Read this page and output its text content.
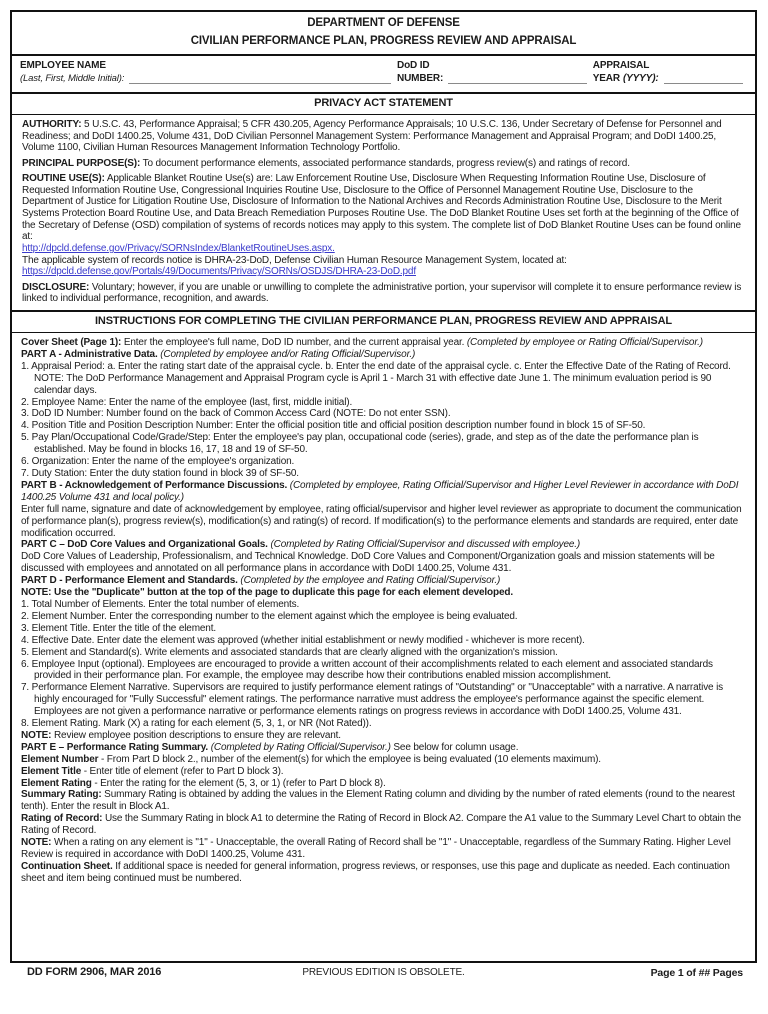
DEPARTMENT OF DEFENSE
CIVILIAN PERFORMANCE PLAN, PROGRESS REVIEW AND APPRAISAL
EMPLOYEE NAME
(Last, First, Middle Initial):
DoD ID
NUMBER:
APPRAISAL
YEAR (YYYY):
PRIVACY ACT STATEMENT

AUTHORITY: 5 U.S.C. 43, Performance Appraisal; 5 CFR 430.205, Agency Performance Appraisals; 10 U.S.C. 136, Under Secretary of Defense for Personnel and Readiness; and DoDI 1400.25, Volume 431, DoD Civilian Personnel Management System: Performance Management and Appraisal Program; and DoDI 1400.25, Volume 1100, Civilian Human Resources Management Information Technology Portfolio.

PRINCIPAL PURPOSE(S): To document performance elements, associated performance standards, progress review(s) and ratings of record.

ROUTINE USE(S): Applicable Blanket Routine Use(s) are: Law Enforcement Routine Use, Disclosure When Requesting Information Routine Use, Disclosure of Requested Information Routine Use, Congressional Inquiries Routine Use, Disclosure to the Office of Personnel Management Routine Use, Disclosure to the Department of Justice for Litigation Routine Use, Disclosure of Information to the National Archives and Records Administration Routine Use, Disclosure to the Merit Systems Protection Board Routine Use, and Data Breach Remediation Purposes Routine Use. The DoD Blanket Routine Uses set forth at the beginning of the Office of the Secretary of Defense (OSD) compilation of systems of records notices may apply to this system. The complete list of DoD Blanket Routine Uses can be found online at:
http://dpcld.defense.gov/Privacy/SORNsIndex/BlanketRoutineUses.aspx.
The applicable system of records notice is DHRA-23-DoD, Defense Civilian Human Resource Management System, located at:
https://dpcld.defense.gov/Portals/49/Documents/Privacy/SORNs/OSDJS/DHRA-23-DoD.pdf

DISCLOSURE: Voluntary; however, if you are unable or unwilling to complete the administrative portion, your supervisor will complete it to ensure performance review is linked to individual performance, recognition, and awards.

INSTRUCTIONS FOR COMPLETING THE CIVILIAN PERFORMANCE PLAN, PROGRESS REVIEW AND APPRAISAL

Cover Sheet (Page 1): Enter the employee's full name, DoD ID number, and the current appraisal year. (Completed by employee or Rating Official/Supervisor.)

PART A - Administrative Data. (Completed by employee and/or Rating Official/Supervisor.)

1. Appraisal Period: a. Enter the rating start date of the appraisal cycle. b. Enter the end date of the appraisal cycle. c. Enter the Effective Date of the Rating of Record. NOTE: The DoD Performance Management and Appraisal Program cycle is April 1 - March 31 with effective date June 1. The minimum evaluation period is 90 calendar days.

2. Employee Name: Enter the name of the employee (last, first, middle initial).

3. DoD ID Number: Number found on the back of Common Access Card (NOTE: Do not enter SSN).

4. Position Title and Position Description Number: Enter the official position title and official position description number found in block 15 of SF-50.

5. Pay Plan/Occupational Code/Grade/Step: Enter the employee's pay plan, occupational code (series), grade, and step as of the date the performance plan is established. May be found in blocks 16, 17, 18 and 19 of SF-50.

6. Organization: Enter the name of the employee's organization.

7. Duty Station: Enter the duty station found in block 39 of SF-50.

PART B - Acknowledgement of Performance Discussions. (Completed by employee, Rating Official/Supervisor and Higher Level Reviewer in accordance with DoDI 1400.25 Volume 431 and local policy.)

Enter full name, signature and date of acknowledgement by employee, rating official/supervisor and higher level reviewer as appropriate to document the communication of performance plan(s), progress review(s), modification(s) and rating(s) of record. If modification(s) to the performance elements and standards are required, enter date modification occurred.

PART C – DoD Core Values and Organizational Goals. (Completed by Rating Official/Supervisor and discussed with employee.)

DoD Core Values of Leadership, Professionalism, and Technical Knowledge. DoD Core Values and Component/Organization goals and mission statements will be discussed with employees and annotated on all performance plans in accordance with DoDI 1400.25, Volume 431.

PART D - Performance Element and Standards. (Completed by the employee and Rating Official/Supervisor.)

NOTE: Use the "Duplicate" button at the top of the page to duplicate this page for each element developed.

1. Total Number of Elements. Enter the total number of elements.

2. Element Number. Enter the corresponding number to the element against which the employee is being evaluated.

3. Element Title. Enter the title of the element.

4. Effective Date. Enter date the element was approved (whether initial establishment or newly modified - whichever is more recent).

5. Element and Standard(s). Write elements and associated standards that are clearly aligned with the organization's mission.

6. Employee Input (optional). Employees are encouraged to provide a written account of their accomplishments related to each element and associated standards provided in their performance plan. For example, the employee may describe how their contributions enabled mission accomplishment.

7. Performance Element Narrative. Supervisors are required to justify performance element ratings of "Outstanding" or "Unacceptable" with a narrative. A narrative is highly encouraged for "Fully Successful" element ratings. The performance narrative must address the employee's performance against the specific element. Employees are not given a performance narrative or performance elements ratings on progress reviews in accordance with DoDI 1400.25, Volume 431.

8. Element Rating. Mark (X) a rating for each element (5, 3, 1, or NR (Not Rated)).

NOTE: Review employee position descriptions to ensure they are relevant.

PART E – Performance Rating Summary. (Completed by Rating Official/Supervisor.) See below for column usage.

Element Number - From Part D block 2., number of the element(s) for which the employee is being evaluated (10 elements maximum).

Element Title - Enter title of element (refer to Part D block 3).

Element Rating - Enter the rating for the element (5, 3, or 1) (refer to Part D block 8).

Summary Rating: Summary Rating is obtained by adding the values in the Element Rating column and dividing by the number of rated elements (round to the nearest tenth). Enter the result in Block A1.

Rating of Record: Use the Summary Rating in block A1 to determine the Rating of Record in Block A2. Compare the A1 value to the Summary Level Chart to obtain the Rating of Record.

NOTE: When a rating on any element is "1" - Unacceptable, the overall Rating of Record shall be "1" - Unacceptable, regardless of the Summary Rating. Higher Level Review is required in accordance with DoDI 1400.25, Volume 431.

Continuation Sheet. If additional space is needed for general information, progress reviews, or responses, use this page and duplicate as needed. Each continuation sheet and item being continued must be numbered.

DD FORM 2906, MAR 2016	PREVIOUS EDITION IS OBSOLETE.	Page 1 of ## Pages
